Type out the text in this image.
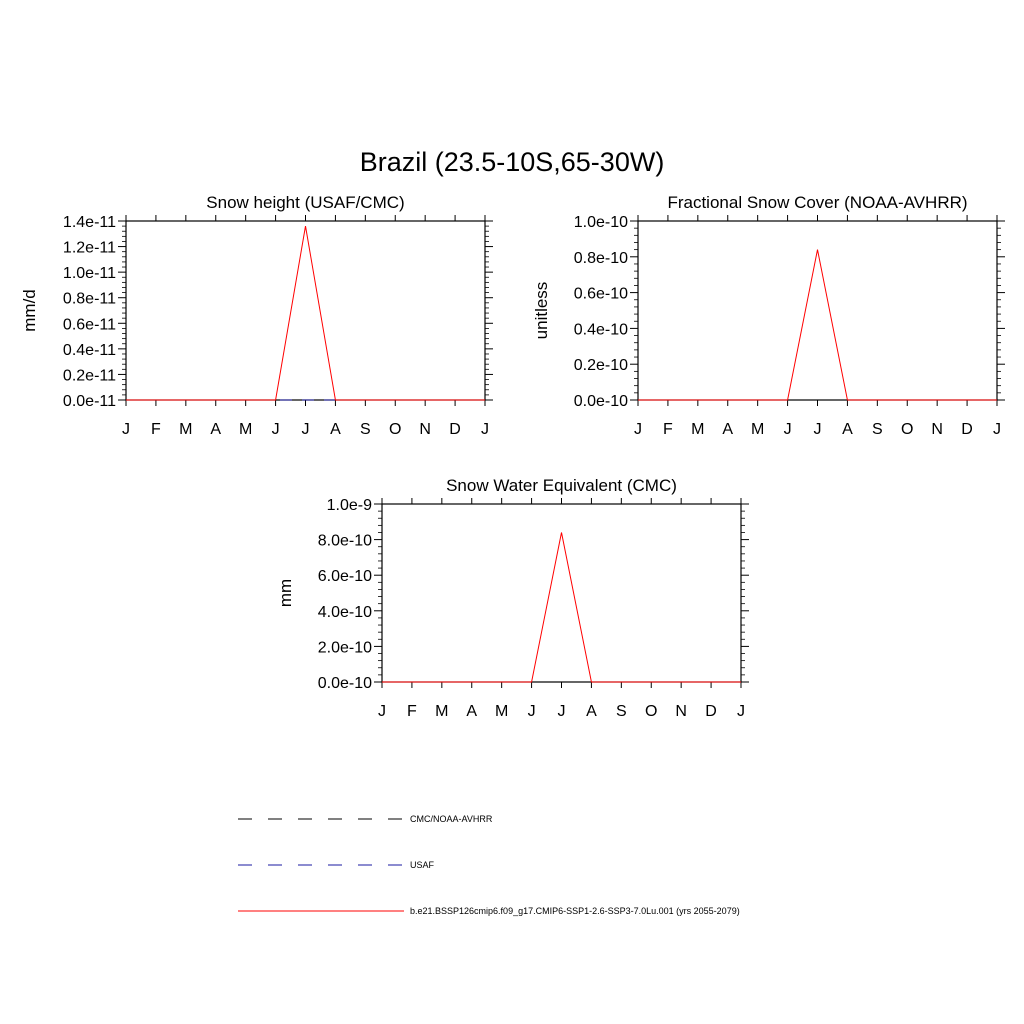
Brazil (23.5-10S,65-30W)
Snow height (USAF/CMC)
mm/d
J F M A M J J A S O N D J
0.0e-11
0.2e-11
0.4e-11
0.6e-11
0.8e-11
1.0e-11
1.2e-11
1.4e-11
Fractional Snow Cover (NOAA-AVHRR)
unitless
J F M A M J J A S O N D J
0.0e-10
0.2e-10
0.4e-10
0.6e-10
0.8e-10
1.0e-10
Snow Water Equivalent (CMC)
mm
J F M A M J J A S O N D J
0.0e-10
2.0e-10
4.0e-10
6.0e-10
8.0e-10
1.0e-9
CMC/NOAA-AVHRR
USAF
b.e21.BSSP126cmip6.f09_g17.CMIP6-SSP1-2.6-SSP3-7.0Lu.001 (yrs 2055-2079)
